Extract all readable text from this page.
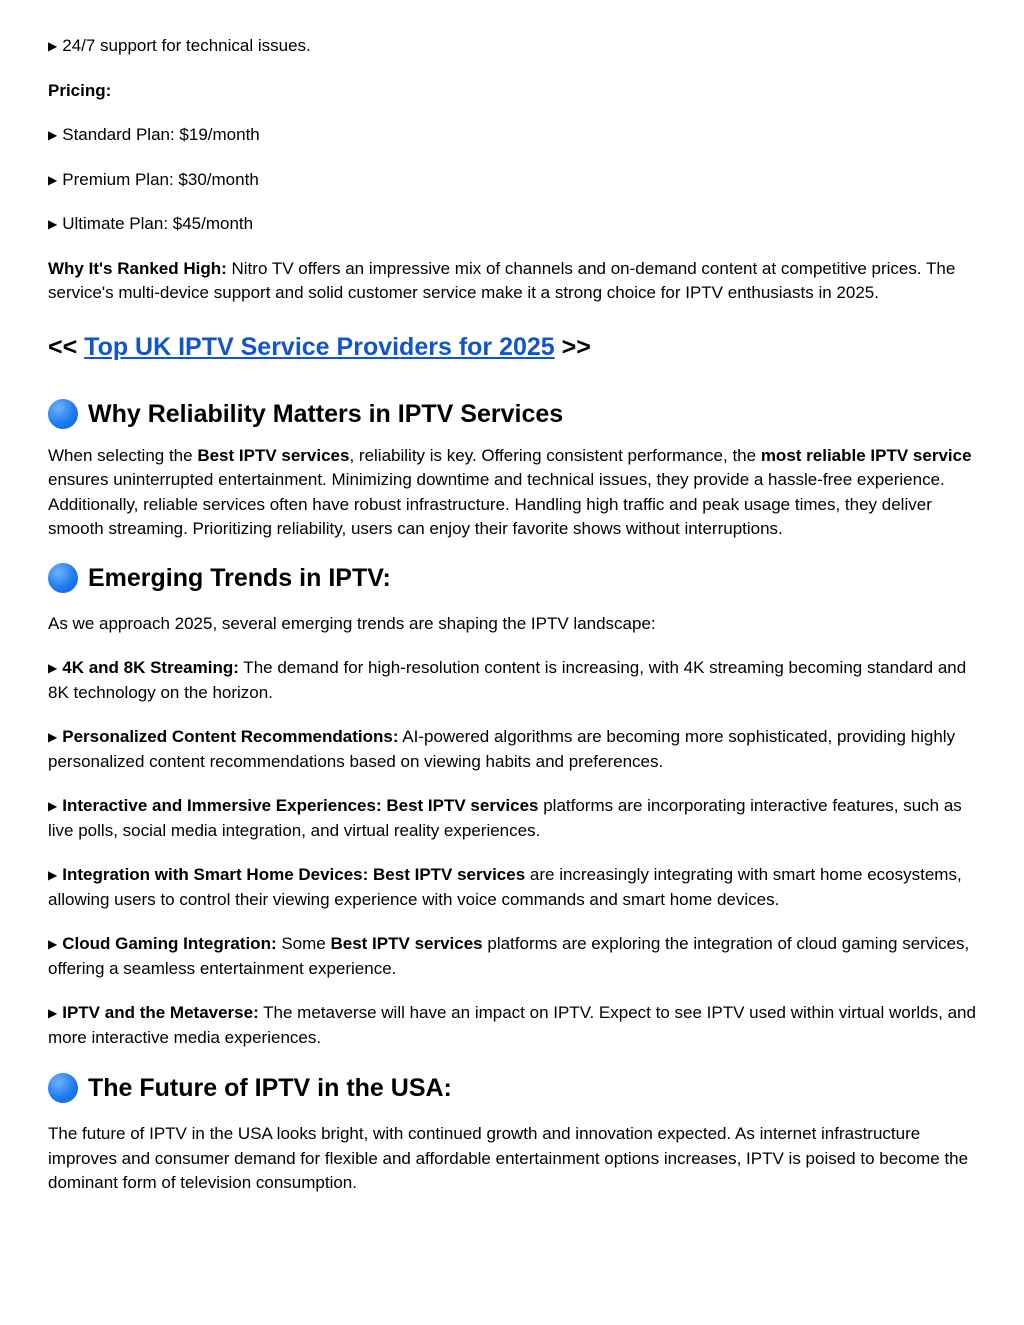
▶ 24/7 support for technical issues.

Pricing:

▶ Standard Plan: $19/month

▶ Premium Plan: $30/month

▶ Ultimate Plan: $45/month

Why It's Ranked High: Nitro TV offers an impressive mix of channels and on-demand content at competitive prices. The service's multi-device support and solid customer service make it a strong choice for IPTV enthusiasts in 2025.

<< Top UK IPTV Service Providers for 2025 >>

Why Reliability Matters in IPTV Services

When selecting the Best IPTV services, reliability is key. Offering consistent performance, the most reliable IPTV service ensures uninterrupted entertainment. Minimizing downtime and technical issues, they provide a hassle-free experience.

Additionally, reliable services often have robust infrastructure. Handling high traffic and peak usage times, they deliver smooth streaming. Prioritizing reliability, users can enjoy their favorite shows without interruptions.

Emerging Trends in IPTV:

As we approach 2025, several emerging trends are shaping the IPTV landscape:

▶ 4K and 8K Streaming: The demand for high-resolution content is increasing, with 4K streaming becoming standard and 8K technology on the horizon.

▶ Personalized Content Recommendations: AI-powered algorithms are becoming more sophisticated, providing highly personalized content recommendations based on viewing habits and preferences.

▶ Interactive and Immersive Experiences: Best IPTV services platforms are incorporating interactive features, such as live polls, social media integration, and virtual reality experiences.

▶ Integration with Smart Home Devices: Best IPTV services are increasingly integrating with smart home ecosystems, allowing users to control their viewing experience with voice commands and smart home devices.

▶ Cloud Gaming Integration: Some Best IPTV services platforms are exploring the integration of cloud gaming services, offering a seamless entertainment experience.

▶ IPTV and the Metaverse: The metaverse will have an impact on IPTV. Expect to see IPTV used within virtual worlds, and more interactive media experiences.

The Future of IPTV in the USA:

The future of IPTV in the USA looks bright, with continued growth and innovation expected. As internet infrastructure improves and consumer demand for flexible and affordable entertainment options increases, IPTV is poised to become the dominant form of television consumption.
